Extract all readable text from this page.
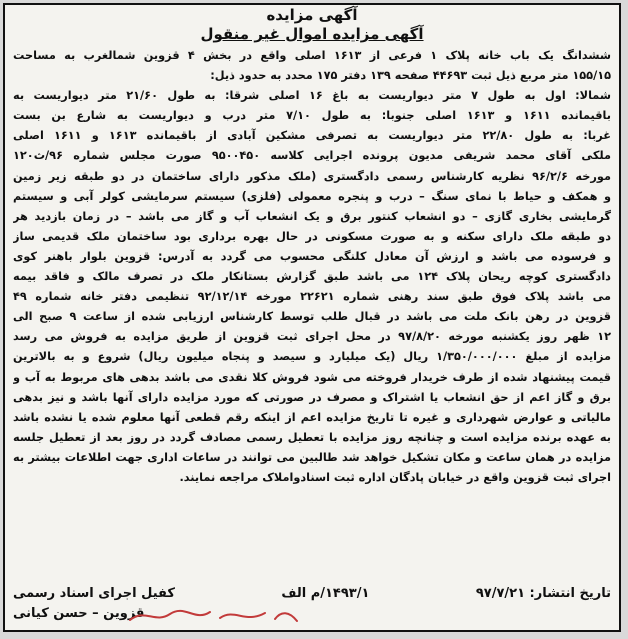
آگهی مزایده
آگهی مزایده اموال غیر منقول
ششدانگ یک باب خانه پلاک ۱ فرعی از ۱۶۱۳ اصلی واقع در بخش ۴ قزوین شمالغرب به مساحت
۱۵۵/۱۵ متر مربع ذیل ثبت ۴۴۶۹۳ صفحه ۱۳۹ دفتر ۱۷۵ محدد به حدود ذیل:
شمالا: اول به طول ۷ متر دیواریست به باغ ۱۶ اصلی شرقا: به طول ۲۱/۶۰ متر دیواریست به
باقیمانده ۱۶۱۱ و ۱۶۱۳ اصلی جنوبا: به طول ۷/۱۰ متر درب و دیواریست به شارع بن بست
غربا: به طول ۲۲/۸۰ متر دیواریست به تصرفی مشکین آبادی از باقیمانده ۱۶۱۳ و ۱۶۱۱ اصلی
ملکی آقای محمد شریفی مدیون پرونده اجرایی کلاسه ۹۵۰۰۴۵۰ صورت مجلس شماره ۹۶/ث۱۲۰
مورخه ۹۶/۲/۶ نظریه کارشناس رسمی دادگستری (ملک مذکور دارای ساختمان در دو طبقه زیر زمین
و همکف و حیاط با نمای سنگ – درب و پنجره معمولی (فلزی) سیستم سرمایشی کولر آبی و سیستم
گرمایشی بخاری گازی – دو انشعاب کنتور برق و یک انشعاب آب و گاز می باشد – در زمان بازدید هر
دو طبقه ملک دارای سکنه و به صورت مسکونی در حال بهره برداری بود ساختمان ملک قدیمی ساز
و فرسوده می باشد و ارزش آن معادل کلنگی محسوب می گردد به آدرس: قزوین بلوار باهنر کوی
دادگستری کوچه ریحان پلاک ۱۲۴ می باشد طبق گزارش بستانکار ملک در تصرف مالک و فاقد بیمه
می باشد پلاک فوق طبق سند رهنی شماره ۲۲۶۲۱ مورخه ۹۲/۱۲/۱۴ تنظیمی دفتر خانه شماره ۴۹
قزوین در رهن بانک ملت می باشد در قبال طلب توسط کارشناس ارزیابی شده از ساعت ۹ صبح الی
۱۲ ظهر روز یکشنبه مورخه ۹۷/۸/۲۰ در محل اجرای ثبت قزوین از طریق مزایده به فروش می رسد
مزایده از مبلغ ۱/۳۵۰/۰۰۰/۰۰۰ ریال (یک میلیارد و سیصد و پنجاه میلیون ریال) شروع و به بالاترین
قیمت پیشنهاد شده از طرف خریدار فروخته می شود فروش کلا نقدی می باشد بدهی های مربوط به آب و
برق و گاز اعم از حق انشعاب یا اشتراک و مصرف در صورتی که مورد مزایده دارای آنها باشد و نیز بدهی
مالیاتی و عوارض شهرداری و غیره تا تاریخ مزایده اعم از اینکه رقم قطعی آنها معلوم شده یا نشده باشد
به عهده برنده مزایده است و چنانچه روز مزایده با تعطیل رسمی مصادف گردد در روز بعد از تعطیل جلسه
مزایده در همان ساعت و مکان تشکیل خواهد شد طالبین می توانند در ساعات اداری جهت اطلاعات بیشتر به
اجرای ثبت قزوین واقع در خیابان پادگان اداره ثبت اسنادواملاک مراجعه نمایند.
تاریخ انتشار: ۹۷/۷/۲۱
۱۴۹۳/۱/م الف
کفیل اجرای اسناد رسمی
قزوین – حسن کیانی
